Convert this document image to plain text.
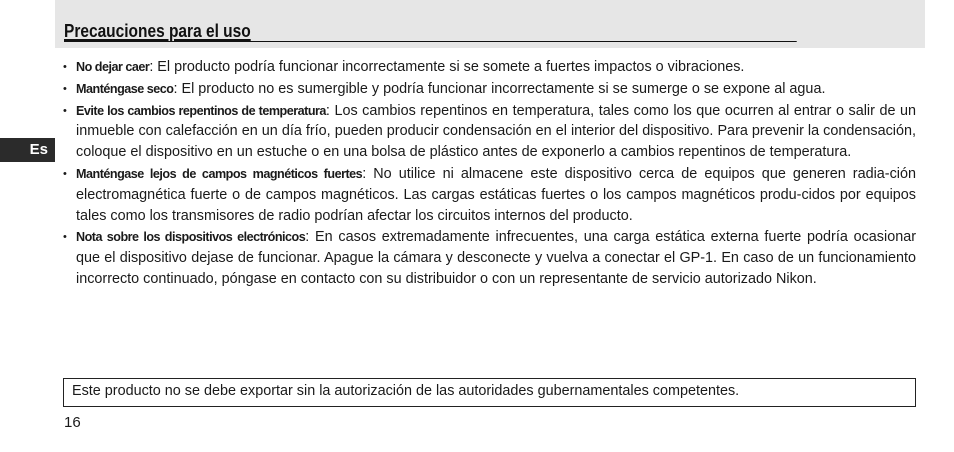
Precauciones para el uso
Es
• No dejar caer: El producto podría funcionar incorrectamente si se somete a fuertes impactos o vibraciones.
• Manténgase seco: El producto no es sumergible y podría funcionar incorrectamente si se sumerge o se expone al agua.
• Evite los cambios repentinos de temperatura: Los cambios repentinos en temperatura, tales como los que ocurren al entrar o salir de un inmueble con calefacción en un día frío, pueden producir condensación en el interior del dispositivo. Para prevenir la condensación, coloque el dispositivo en un estuche o en una bolsa de plástico antes de exponerlo a cambios repentinos de temperatura.
• Manténgase lejos de campos magnéticos fuertes: No utilice ni almacene este dispositivo cerca de equipos que generen radia-ción electromagnética fuerte o de campos magnéticos. Las cargas estáticas fuertes o los campos magnéticos produ-cidos por equipos tales como los transmisores de radio podrían afectar los circuitos internos del producto.
• Nota sobre los dispositivos electrónicos: En casos extremadamente infrecuentes, una carga estática externa fuerte podría ocasionar que el dispositivo dejase de funcionar. Apague la cámara y desconecte y vuelva a conectar el GP-1. En caso de un funcionamiento incorrecto continuado, póngase en contacto con su distribuidor o con un representante de servicio autorizado Nikon.
Este producto no se debe exportar sin la autorización de las autoridades gubernamentales competentes.
16
